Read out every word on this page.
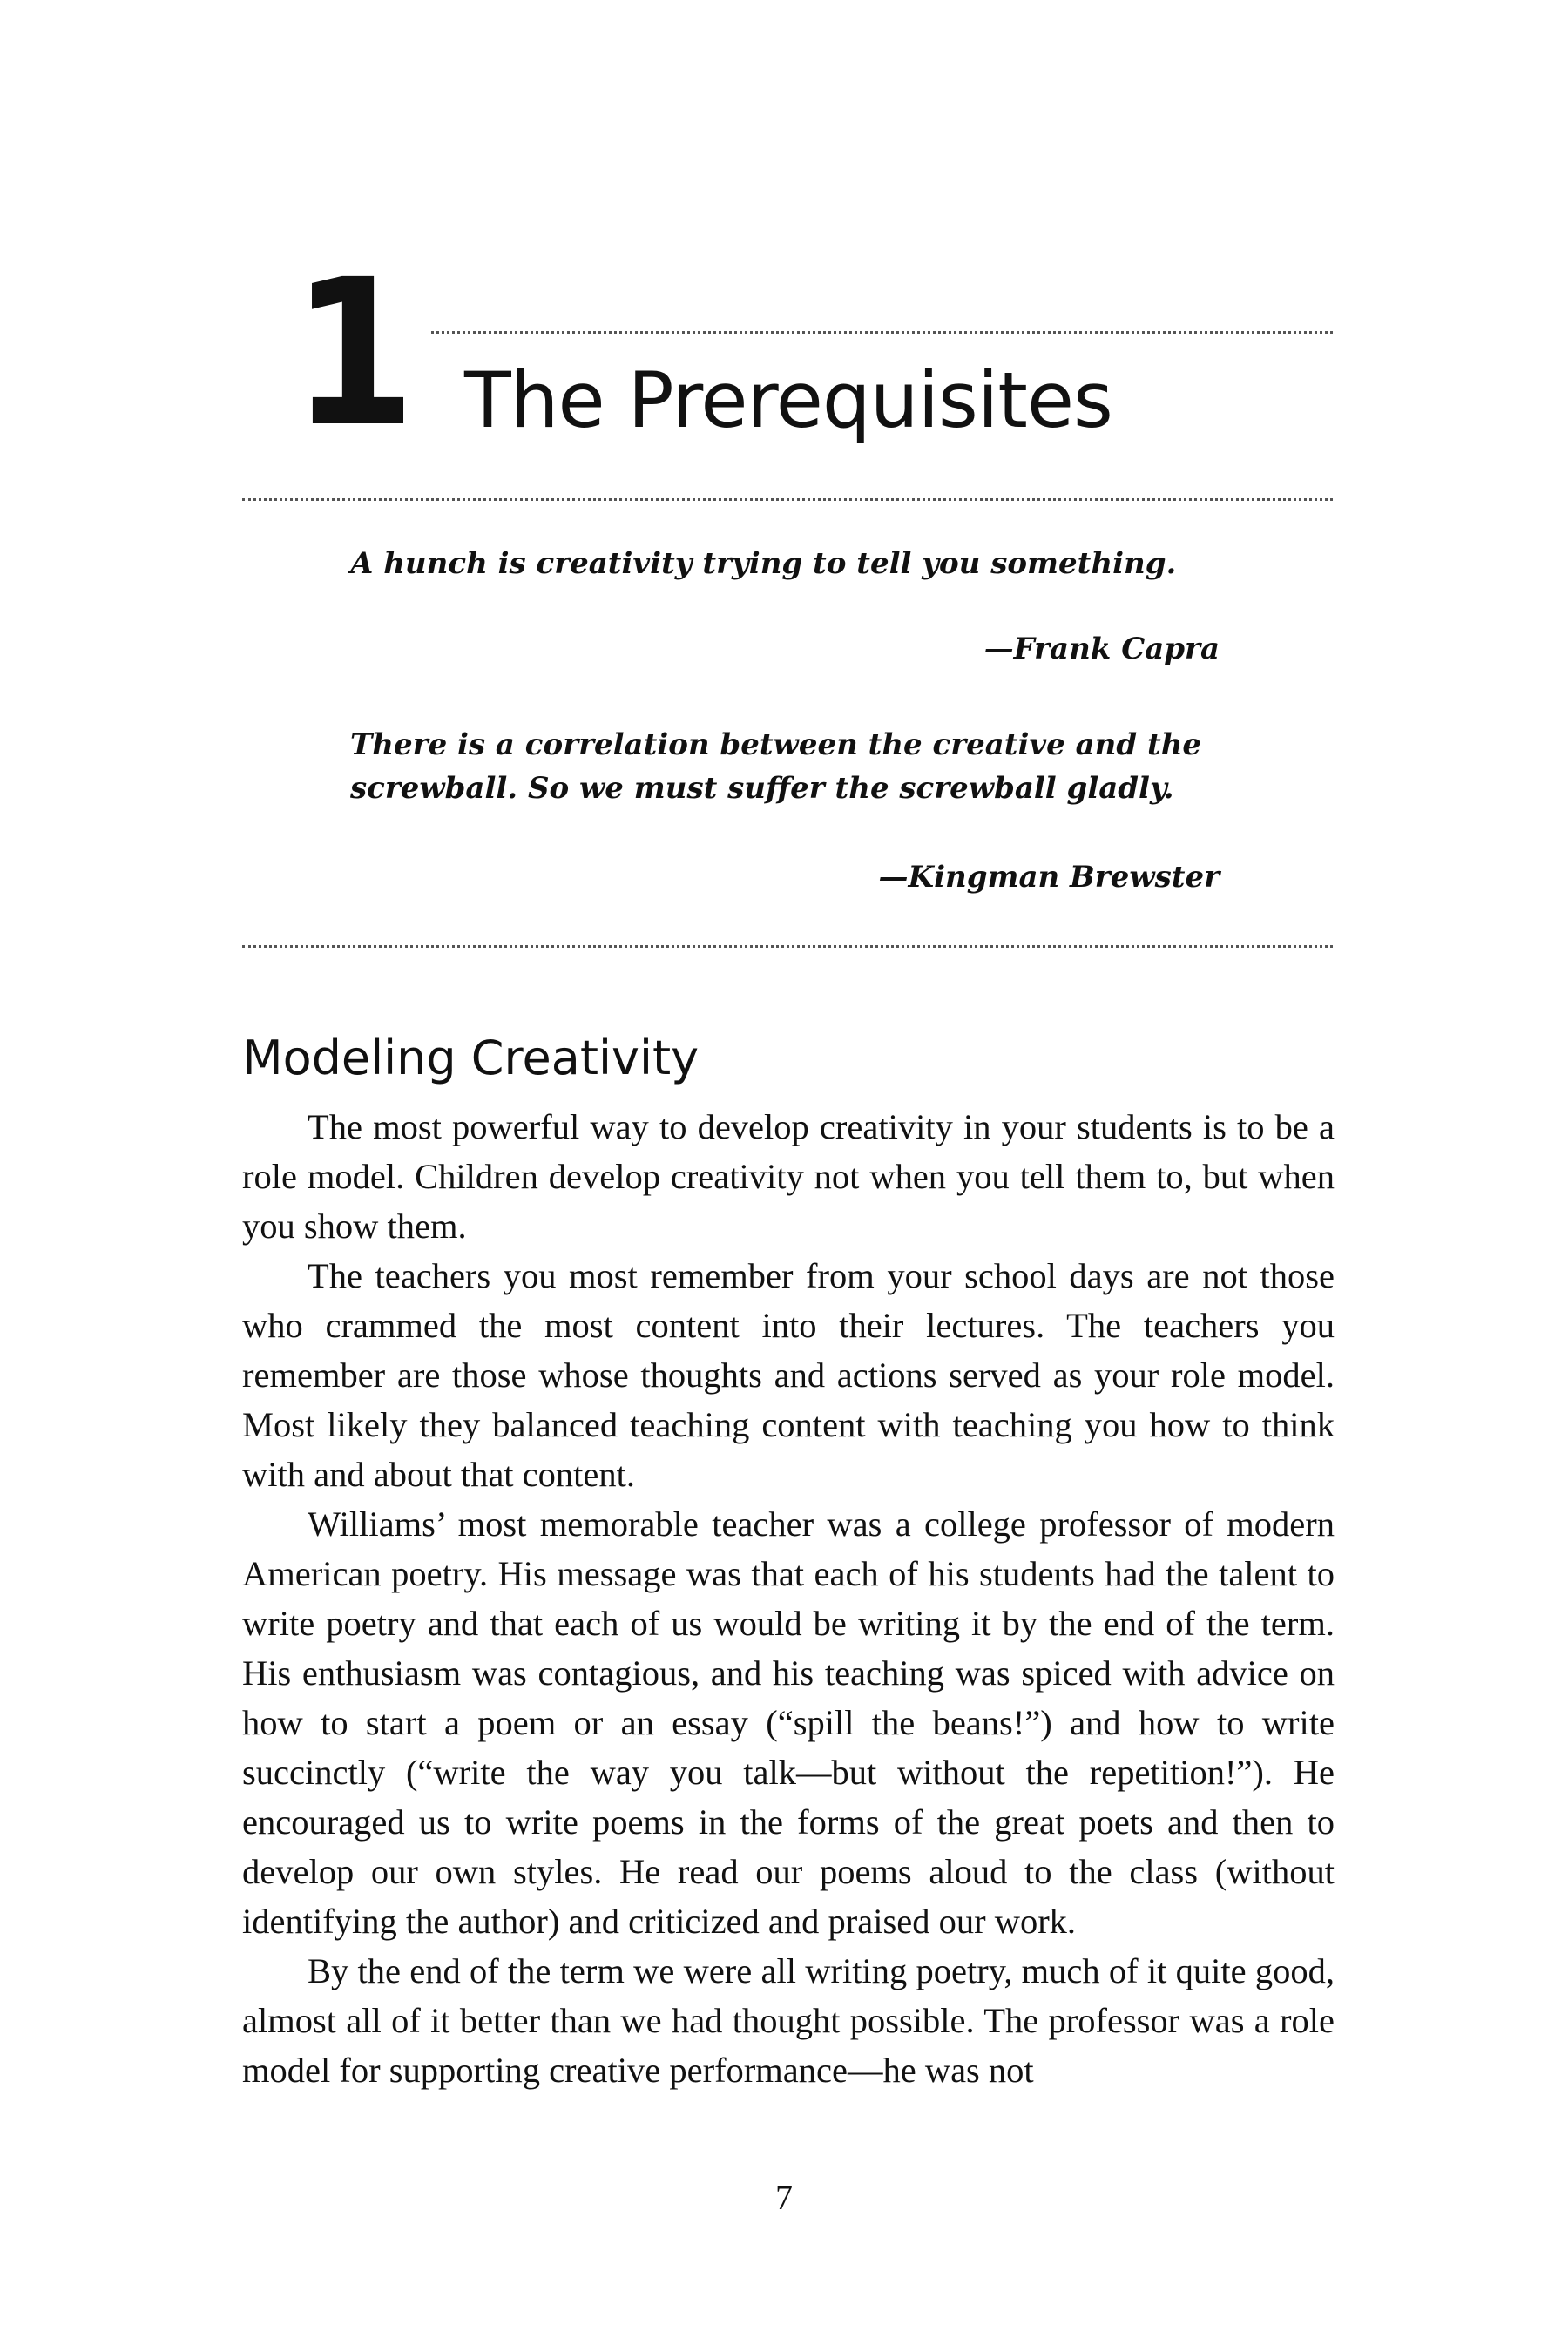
1 The Prerequisites
A hunch is creativity trying to tell you something.
—Frank Capra
There is a correlation between the creative and the
screwball. So we must suffer the screwball gladly.
—Kingman Brewster
Modeling Creativity

The most powerful way to develop creativity in your students is to be a role model. Children develop creativity not when you tell them to, but when you show them.

The teachers you most remember from your school days are not those who crammed the most content into their lectures. The teachers you remember are those whose thoughts and actions served as your role model. Most likely they balanced teaching content with teaching you how to think with and about that content.

Williams’ most memorable teacher was a college professor of modern American poetry. His message was that each of his students had the talent to write poetry and that each of us would be writing it by the end of the term. His enthusiasm was contagious, and his teaching was spiced with advice on how to start a poem or an essay (“spill the beans!”) and how to write succinctly (“write the way you talk—but without the repetition!”). He encouraged us to write poems in the forms of the great poets and then to develop our own styles. He read our poems aloud to the class (without identifying the author) and criticized and praised our work.

By the end of the term we were all writing poetry, much of it quite good, almost all of it better than we had thought possible. The professor was a role model for supporting creative performance—he was not

7
